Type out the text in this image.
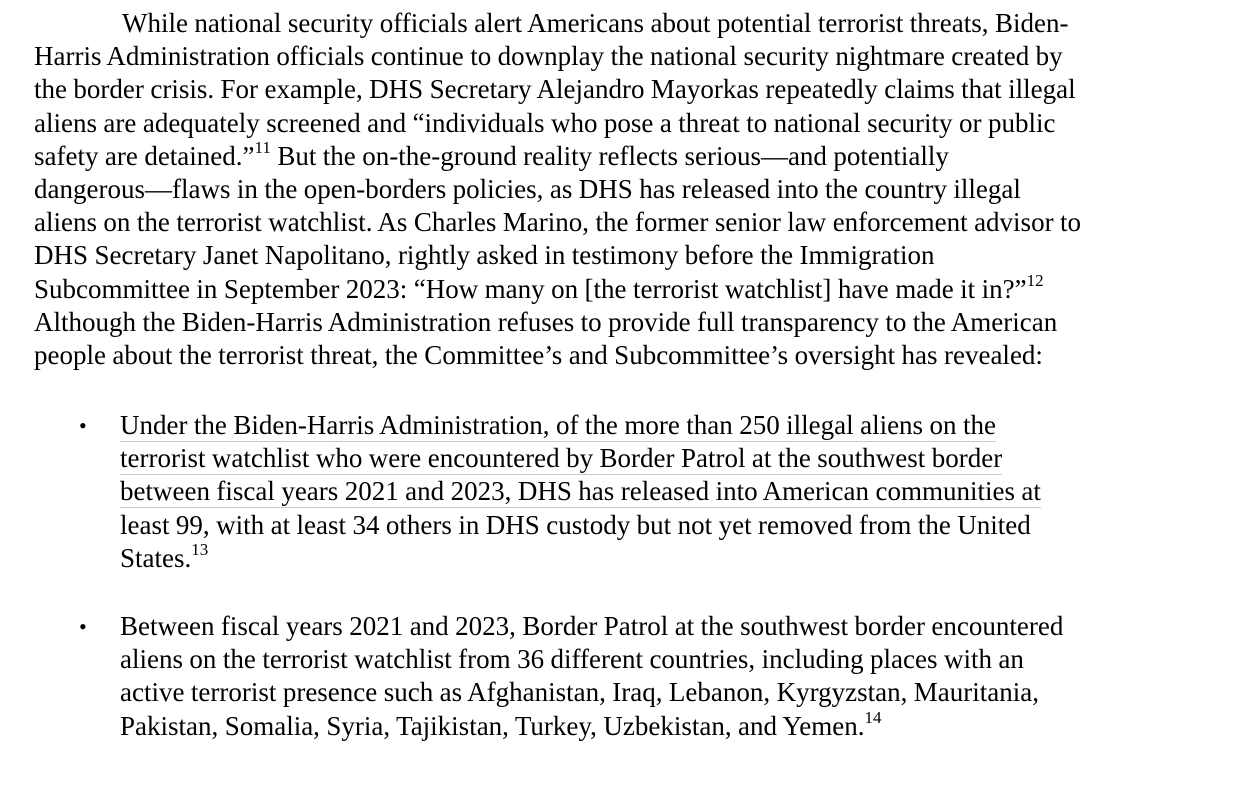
While national security officials alert Americans about potential terrorist threats, Biden-
Harris Administration officials continue to downplay the national security nightmare created by
the border crisis. For example, DHS Secretary Alejandro Mayorkas repeatedly claims that illegal
aliens are adequately screened and “individuals who pose a threat to national security or public
safety are detained.”$^{11}$ But the on-the-ground reality reflects serious—and potentially
dangerous—flaws in the open-borders policies, as DHS has released into the country illegal
aliens on the terrorist watchlist. As Charles Marino, the former senior law enforcement advisor to
DHS Secretary Janet Napolitano, rightly asked in testimony before the Immigration
Subcommittee in September 2023: “How many on [the terrorist watchlist] have made it in?”$^{12}$
Although the Biden-Harris Administration refuses to provide full transparency to the American
people about the terrorist threat, the Committee’s and Subcommittee’s oversight has revealed:
• Under the Biden-Harris Administration, of the more than 250 illegal aliens on the
terrorist watchlist who were encountered by Border Patrol at the southwest border
between fiscal years 2021 and 2023, DHS has released into American communities at
least 99, with at least 34 others in DHS custody but not yet removed from the United
States.$^{13}$
• Between fiscal years 2021 and 2023, Border Patrol at the southwest border encountered
aliens on the terrorist watchlist from 36 different countries, including places with an
active terrorist presence such as Afghanistan, Iraq, Lebanon, Kyrgyzstan, Mauritania,
Pakistan, Somalia, Syria, Tajikistan, Turkey, Uzbekistan, and Yemen.$^{14}$
